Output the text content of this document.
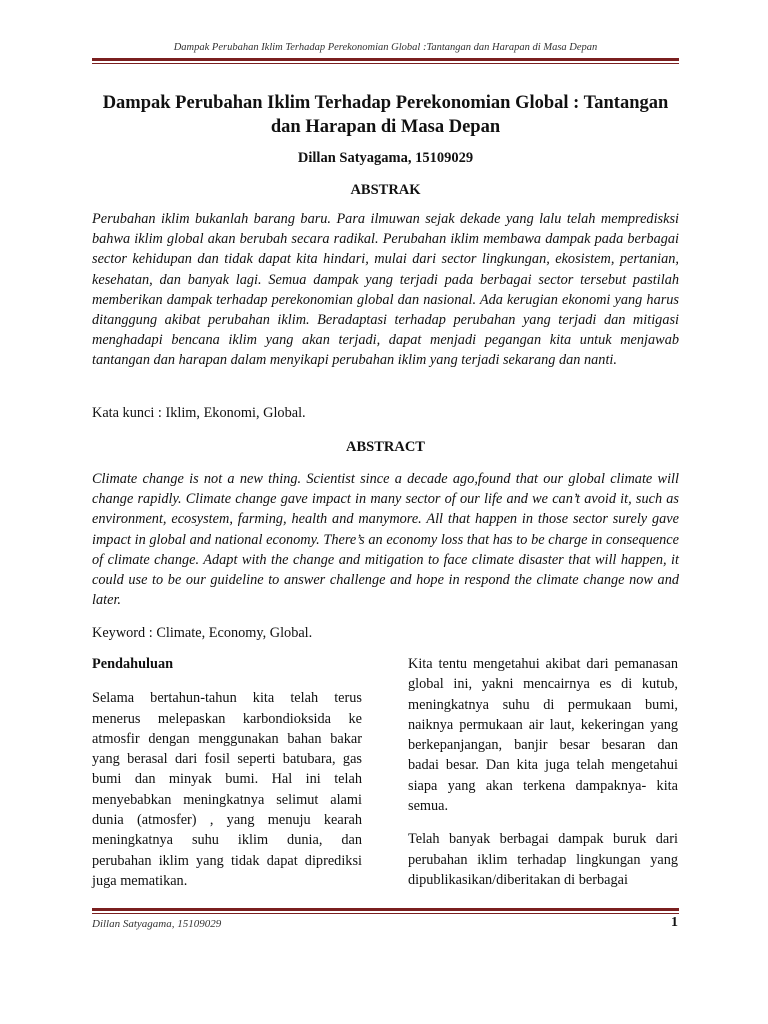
Dampak Perubahan Iklim Terhadap Perekonomian Global :Tantangan dan Harapan di Masa Depan
Dampak Perubahan Iklim Terhadap Perekonomian Global : Tantangan dan Harapan di Masa Depan
Dillan Satyagama, 15109029
ABSTRAK

Perubahan iklim bukanlah barang baru. Para ilmuwan sejak dekade yang lalu telah mempredisksi bahwa iklim global akan berubah secara radikal. Perubahan iklim membawa dampak pada berbagai sector kehidupan dan tidak dapat kita hindari, mulai dari sector lingkungan, ekosistem, pertanian, kesehatan, dan banyak lagi. Semua dampak yang terjadi pada berbagai sector tersebut pastilah memberikan dampak terhadap perekonomian global dan nasional. Ada kerugian ekonomi yang harus ditanggung akibat perubahan iklim. Beradaptasi terhadap perubahan yang terjadi dan mitigasi menghadapi bencana iklim yang akan terjadi, dapat menjadi pegangan kita untuk menjawab tantangan dan harapan dalam menyikapi perubahan iklim yang terjadi sekarang dan nanti.

Kata kunci : Iklim, Ekonomi, Global.

ABSTRACT

Climate change is not a new thing. Scientist since a decade ago,found that our global climate will change rapidly. Climate change gave impact in many sector of our life and we can’t avoid it, such as environment, ecosystem, farming, health and manymore. All that happen in those sector surely gave impact in global and national economy. There’s an economy loss that has to be charge in consequence of climate change. Adapt with the change and mitigation to face climate disaster that will happen, it could use to be our guideline to answer challenge and hope in respond the climate change now and later.

Keyword : Climate, Economy, Global.

Pendahuluan

Selama bertahun-tahun kita telah terus menerus melepaskan karbondioksida ke atmosfir dengan menggunakan bahan bakar yang berasal dari fosil seperti batubara, gas bumi dan minyak bumi. Hal ini telah menyebabkan meningkatnya selimut alami dunia (atmosfer) , yang menuju kearah meningkatnya suhu iklim dunia, dan perubahan iklim yang tidak dapat diprediksi juga mematikan.

Kita tentu mengetahui akibat dari pemanasan global ini, yakni mencairnya es di kutub, meningkatnya suhu di permukaan bumi, naiknya permukaan air laut, kekeringan yang berkepanjangan, banjir besar besaran dan badai besar. Dan kita juga telah mengetahui siapa yang akan terkena dampaknya- kita semua.

Telah banyak berbagai dampak buruk dari perubahan iklim terhadap lingkungan yang dipublikasikan/diberitakan di berbagai

Dillan Satyagama, 15109029	1
